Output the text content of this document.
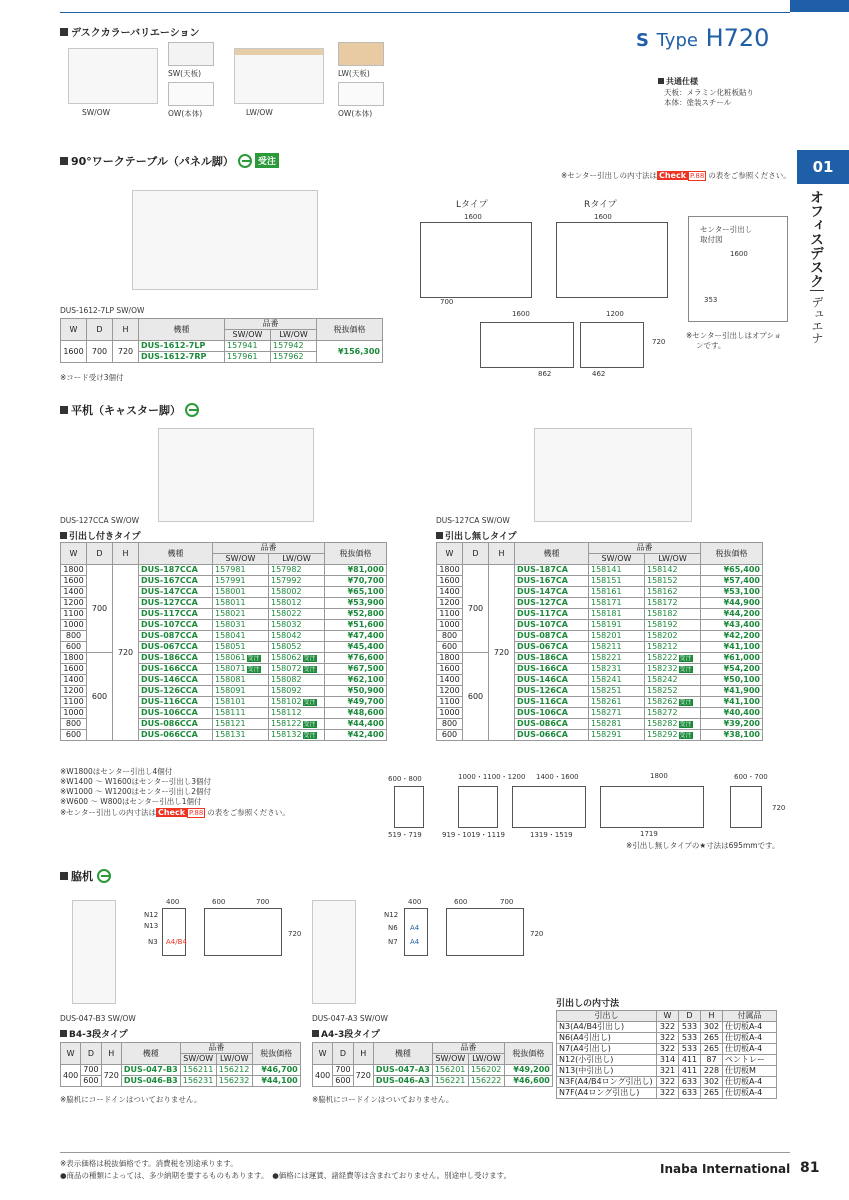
デスクカラーバリエーション
SW/OW
SW(天板)
OW(本体)	LW/OW
LW(天板)
OW(本体)
S Type H720
共通仕様
天板：メラミン化粧板貼り
本体：塗装スチール
01
オフィスデスク
デュエナ
90°ワークテーブル（パネル脚）	受注
※センター引出しの内寸法は Check P.88 の表をご参照ください。
DUS-1612-7LP SW/OW
Lタイプ	Rタイプ
1600	1600
700
1600	1200
862	462
720
センター引出し
取付図
1600
353
※センター引出しはオプショ
ンです。
W	D	H	機種	品番		税抜価格
				SW/OW	LW/OW	
1600	700	720	DUS-1612-7LP	157941	157942	¥156,300
			DUS-1612-7RP	157961	157962	
※コード受け3個付
平机（キャスター脚）
DUS-127CCA SW/OW	DUS-127CA SW/OW
引出し付きタイプ	引出し無しタイプ
W	D	H	機種	品番		税抜価格
				SW/OW	LW/OW	
1800	700	720	DUS-187CCA	157981	157982	¥81,000
1600			DUS-167CCA	157991	157992	¥70,700
1400			DUS-147CCA	158001	158002	¥65,100
1200			DUS-127CCA	158011	158012	¥53,900
1100			DUS-117CCA	158021	158022	¥52,800
1000			DUS-107CCA	158031	158032	¥51,600
800			DUS-087CCA	158041	158042	¥47,400
600			DUS-067CCA	158051	158052	¥45,400
1800	600		DUS-186CCA	158061 受注	158062 受注	¥76,600
1600			DUS-166CCA	158071 受注	158072 受注	¥67,500
1400			DUS-146CCA	158081	158082	¥62,100
1200			DUS-126CCA	158091	158092	¥50,900
1100			DUS-116CCA	158101	158102 受注	¥49,700
1000			DUS-106CCA	158111	158112	¥48,600
800			DUS-086CCA	158121	158122 受注	¥44,400
600			DUS-066CCA	158131	158132 受注	¥42,400
W	D	H	機種	品番		税抜価格
				SW/OW	LW/OW	
1800	700	720	DUS-187CA	158141	158142	¥65,400
1600			DUS-167CA	158151	158152	¥57,400
1400			DUS-147CA	158161	158162	¥53,100
1200			DUS-127CA	158171	158172	¥44,900
1100			DUS-117CA	158181	158182	¥44,200
1000			DUS-107CA	158191	158192	¥43,400
800			DUS-087CA	158201	158202	¥42,200
600			DUS-067CA	158211	158212	¥41,100
1800	600		DUS-186CA	158221	158222 受注	¥61,000
1600			DUS-166CA	158231	158232 受注	¥54,200
1400			DUS-146CA	158241	158242	¥50,100
1200			DUS-126CA	158251	158252	¥41,900
1100			DUS-116CA	158261	158262 受注	¥41,100
1000			DUS-106CA	158271	158272	¥40,400
800			DUS-086CA	158281	158282 受注	¥39,200
600			DUS-066CA	158291	158292 受注	¥38,100
※W1800はセンター引出し4個付
※W1400 ～ W1600はセンター引出し3個付
※W1000 ～ W1200はセンター引出し2個付
※W600 ～ W800はセンター引出し1個付
※センター引出しの内寸法は Check P.88 の表をご参照ください。
600・800	1000・1100・1200 1400・1600	1800	600・700
519・719	919・1019・1119	1319・1519	1719
720
※引出し無しタイプの★寸法は695mmです。
脇机
N12
N13
N3 A4/B4
400	600	700
720
N12
N6
N7
A4
A4
400	600	700
720
DUS-047-B3 SW/OW	DUS-047-A3 SW/OW
B4-3段タイプ	A4-3段タイプ
W	D	H	機種	品番		税抜価格
				SW/OW	LW/OW	
400	700	720	DUS-047-B3	156211	156212	¥46,700
	600		DUS-046-B3	156231	156232	¥44,100
W	D	H	機種	品番		税抜価格
				SW/OW	LW/OW	
400	700	720	DUS-047-A3	156201	156202	¥49,200
	600		DUS-046-A3	156221	156222	¥46,600
※脇机にコードインはついておりません。	※脇机にコードインはついておりません。
引出しの内寸法
引出し	W	D	H	付属品
N3(A4/B4引出し)	322	533	302	仕切板A-4
N6(A4引出し)	322	533	265	仕切板A-4
N7(A4引出し)	322	533	265	仕切板A-4
N12(小引出し)	314	411	87	ペントレー
N13(中引出し)	321	411	228	仕切板M
N3F(A4/B4ロング引出し)	322	633	302	仕切板A-4
N7F(A4ロング引出し)	322	633	265	仕切板A-4
※表示価格は税抜価格です。消費税を別途承ります。
●商品の種類によっては、多少納期を要するものもあります。　●価格には運賃、諸経費等は含まれておりません。別途申し受けます。	Inaba International 81
